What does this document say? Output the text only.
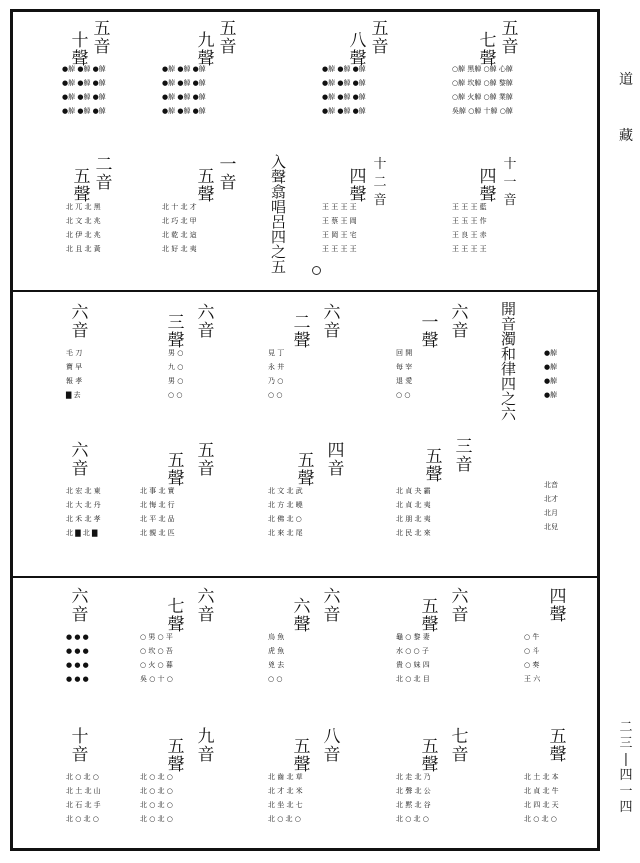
道
藏
二
三
|
四
一
四
五音
十聲
五音
九聲
五音
八聲
五音
七聲
●䑲 ●䑲 ●䑲
●䑲 ●䑲 ●䑲
●䑲 ●䑲 ●䑲
●䑲 ●䑲 ●䑲
●䑲 ●䑲 ●䑲
●䑲 ●䑲 ●䑲
●䑲 ●䑲 ●䑲
●䑲 ●䑲 ●䑲
●䑲 ●䑲 ●䑲
●䑲 ●䑲 ●䑲
●䑲 ●䑲 ●䑲
●䑲 ●䑲 ●䑲
○䑲 黑䑲 ○䑲 心䑲
○䑲 坎䑲 ○䑲 黎䑲
○䑲 火䑲 ○䑲 業䑲
吳䑲 ○䑲 十䑲 ○䑲
二音
五聲
一音
五聲
十二音
四聲
十一音
四聲
入聲翕唱呂四之五
北 兀 北 黑
北 文 北 兆
北 伊 北 兆
北 且 北 黃
北 十 北 才
北 巧 北 甲
北 乾 北 這
北 好 北 夷
王 王 王 王
王 蔡 王 岡
王 岡 王 宅
王 王 王 王
王 王 王 藍
王 玉 王 作
王 良 王 赤
王 王 王 王
六
音
六音
三聲
六音
二聲
六音
一聲	開音濁和律四之六
毛 刀
寶 早
報 孝
▇ 去
男 ○
九 ○
男 ○
○ ○
見 丁
永 井
乃 ○
○ ○
回 開
每 宰
退 愛
○ ○
●䑲
●䑲
●䑲
●䑲
六
音
五音
五聲
四音
五聲
三音
五聲
北 宏 北 東
北 大 北 丹
北 禾 北 孝
北 ▇ 北 ▇
北 事 北 實
北 悔 北 行
北 平 北 品
北 親 北 匹
北 文 北 武
北 方 北 曉
北 佛 北 ○
北 來 北 尾
北 貞 夬 霸
北 貞 北 夷
北 朋 北 夷
北 民 北 來
北音
北才
北月
北兒
六
音
六音
七聲
六音
六聲
六音
五聲
四聲
● ● ●
● ● ●
● ● ●
● ● ●
○ 男 ○ 平
○ 坎 ○ 吾
○ 火 ○ 暮
吳 ○ 十 ○
烏 魚
虎 魚
兇 去
○ ○
龜 ○ 黎 妻
水 ○ ○ 子
貴 ○ 妹 四
北 ○ 北 目
○ 牛
○ 斗
○ 奏
王 六
十
音
九音
五聲
八音
五聲
七音
五聲
五聲
北 ○ 北 ○
北 土 北 山
北 石 北 手
北 ○ 北 ○
北 ○ 北 ○
北 ○ 北 ○
北 ○ 北 ○
北 ○ 北 ○
北 齒 北 草
北 才 北 米
北 坐 北 七
北 ○ 北 ○
北 走 北 乃
北 聲 北 公
北 黙 北 谷
北 ○ 北 ○
北 土 北 本
北 貞 北 牛
北 四 北 天
北 ○ 北 ○
